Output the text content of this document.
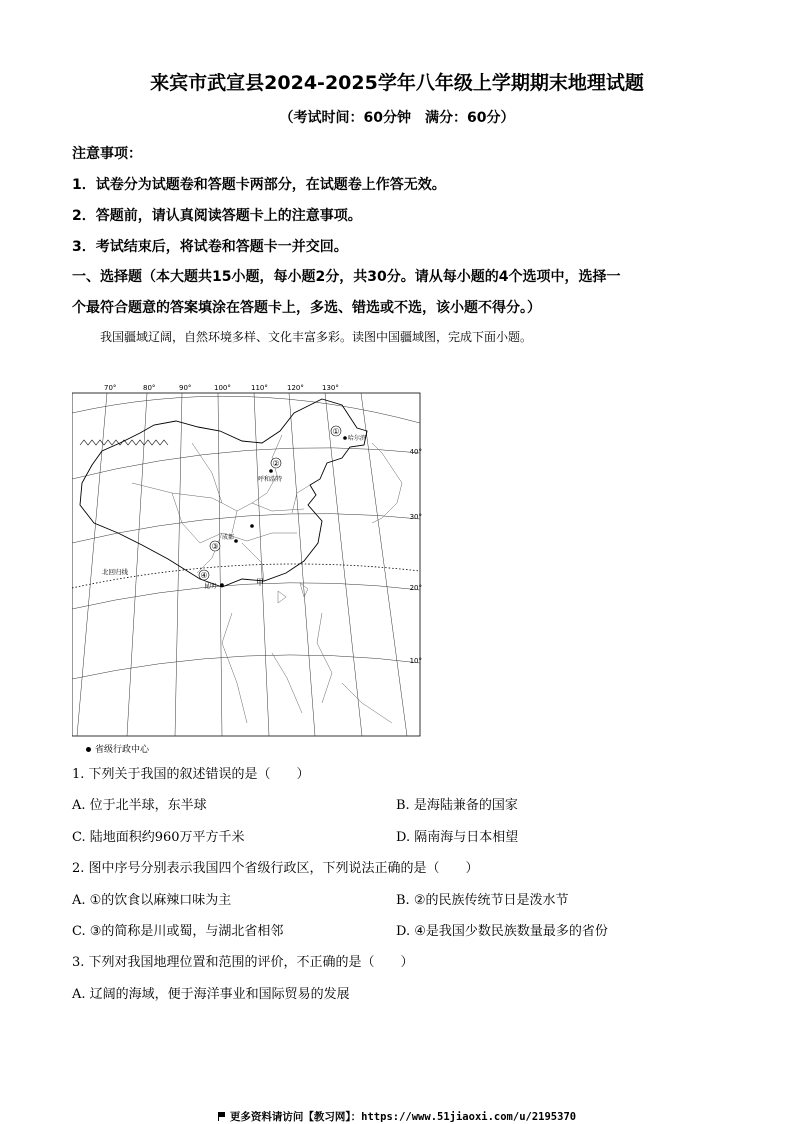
来宾市武宣县2024-2025学年八年级上学期期末地理试题
（考试时间：60分钟　满分：60分）
注意事项：
1．试卷分为试题卷和答题卡两部分，在试题卷上作答无效。
2．答题前，请认真阅读答题卡上的注意事项。
3．考试结束后，将试卷和答题卡一并交回。
一、选择题（本大题共15小题，每小题2分，共30分。请从每小题的4个选项中，选择一
个最符合题意的答案填涂在答题卡上，多选、错选或不选，该小题不得分。）
我国疆域辽阔，自然环境多样、文化丰富多彩。读图中国疆域图，完成下面小题。
70°	80°	90°	100°	110°	120°	130°
40°
30°
20°
10°
北回归线
①
哈尔滨
②
呼和浩特
③
成都
④
昆明	甲
省级行政中心
1. 下列关于我国的叙述错误的是（　　）
A. 位于北半球，东半球	B. 是海陆兼备的国家
C. 陆地面积约960万平方千米	D. 隔南海与日本相望
2. 图中序号分别表示我国四个省级行政区，下列说法正确的是（　　）
A. ①的饮食以麻辣口味为主	B. ②的民族传统节日是泼水节
C. ③的简称是川或蜀，与湖北省相邻	D. ④是我国少数民族数量最多的省份
3. 下列对我国地理位置和范围的评价，不正确的是（　　）
A. 辽阔的海域，便于海洋事业和国际贸易的发展
更多资料请访问【教习网】：https://www.51jiaoxi.com/u/2195370
